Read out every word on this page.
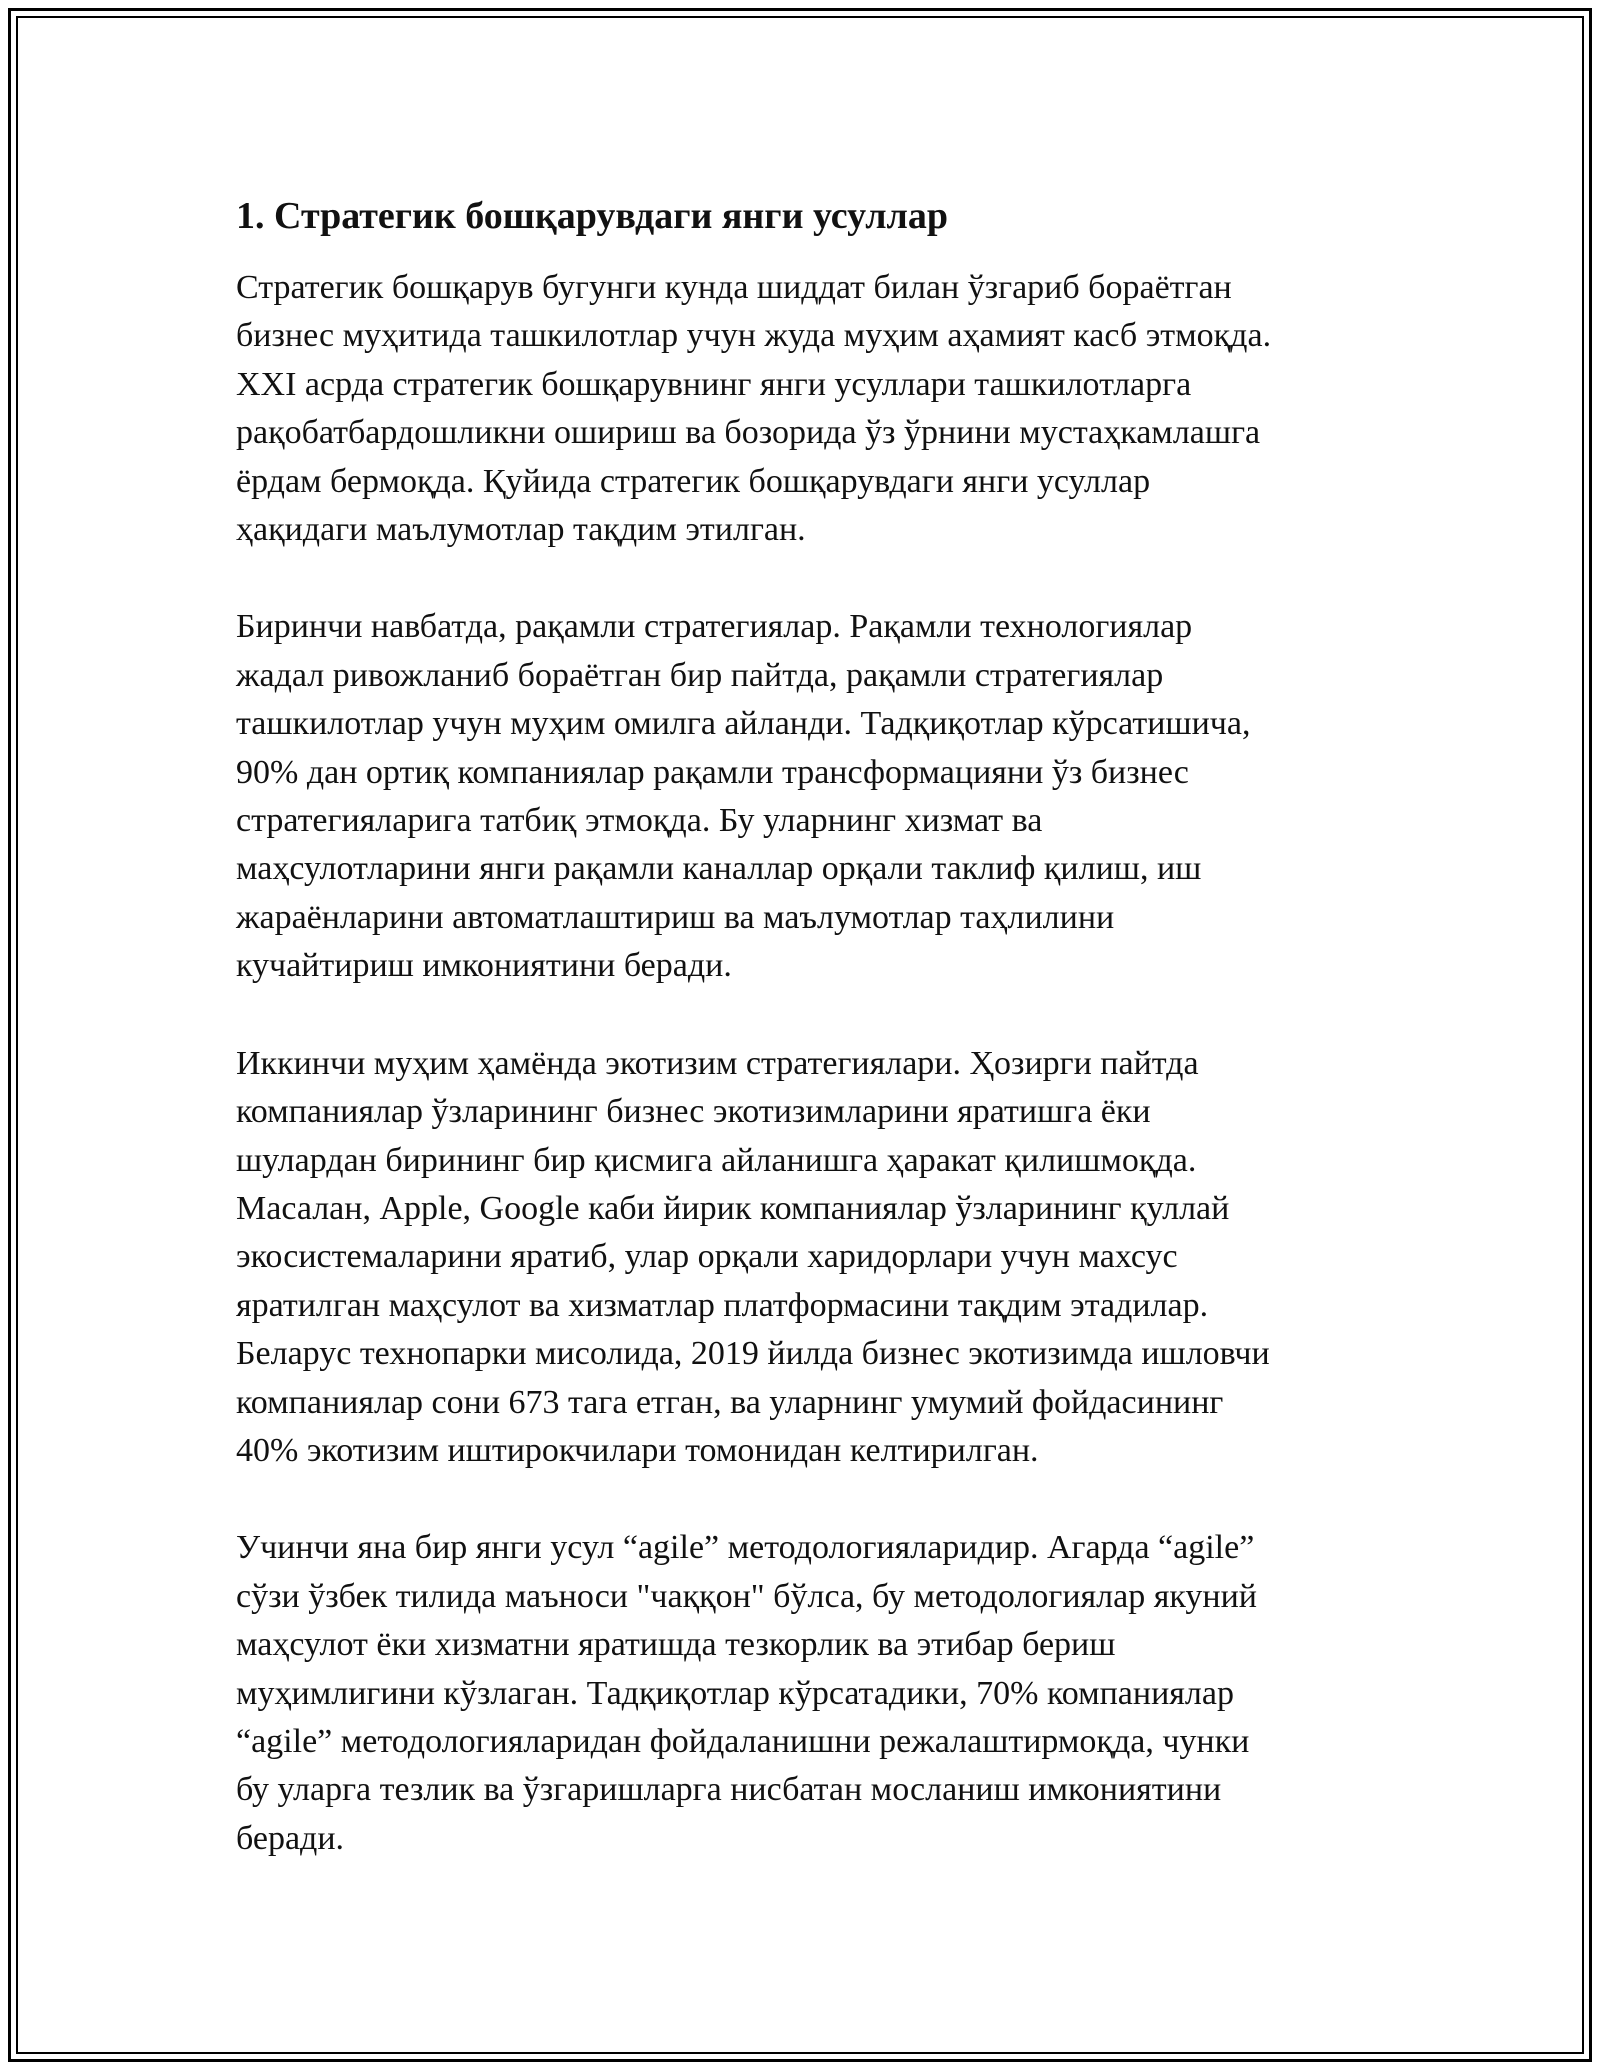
1. Стратегик бошқарувдаги янги усуллар

Стратегик бошқарув бугунги кунда шиддат билан ўзгариб бораётган
бизнес муҳитида ташкилотлар учун жуда муҳим аҳамият касб этмоқда.
XXI асрда стратегик бошқарувнинг янги усуллари ташкилотларга
рақобатбардошликни ошириш ва бозорида ўз ўрнини мустаҳкамлашга
ёрдам бермоқда. Қуйида стратегик бошқарувдаги янги усуллар
ҳақидаги маълумотлар тақдим этилган.

Биринчи навбатда, рақамли стратегиялар. Рақамли технологиялар
жадал ривожланиб бораётган бир пайтда, рақамли стратегиялар
ташкилотлар учун муҳим омилга айланди. Тадқиқотлар кўрсатишича,
90% дан ортиқ компаниялар рақамли трансформацияни ўз бизнес
стратегияларига татбиқ этмоқда. Бу уларнинг хизмат ва
маҳсулотларини янги рақамли каналлар орқали таклиф қилиш, иш
жараёнларини автоматлаштириш ва маълумотлар таҳлилини
кучайтириш имкониятини беради.

Иккинчи муҳим ҳамёнда экотизим стратегиялари. Ҳозирги пайтда
компаниялар ўзларининг бизнес экотизимларини яратишга ёки
шулардан бирининг бир қисмига айланишга ҳаракат қилишмоқда.
Масалан, Apple, Google каби йирик компаниялар ўзларининг қуллай
экосистемаларини яратиб, улар орқали харидорлари учун махсус
яратилган маҳсулот ва хизматлар платформасини тақдим этадилар.
Беларус технопарки мисолида, 2019 йилда бизнес экотизимда ишловчи
компаниялар сони 673 тага етган, ва уларнинг умумий фойдасининг
40% экотизим иштирокчилари томонидан келтирилган.

Учинчи яна бир янги усул “agile” методологияларидир. Агарда “agile”
сўзи ўзбек тилида маъноси "чаққон" бўлса, бу методологиялар якуний
маҳсулот ёки хизматни яратишда тезкорлик ва этибар бериш
муҳимлигини кўзлаган. Тадқиқотлар кўрсатадики, 70% компаниялар
“agile” методологияларидан фойдаланишни режалаштирмоқда, чунки
бу уларга тезлик ва ўзгаришларга нисбатан мосланиш имкониятини
беради.
